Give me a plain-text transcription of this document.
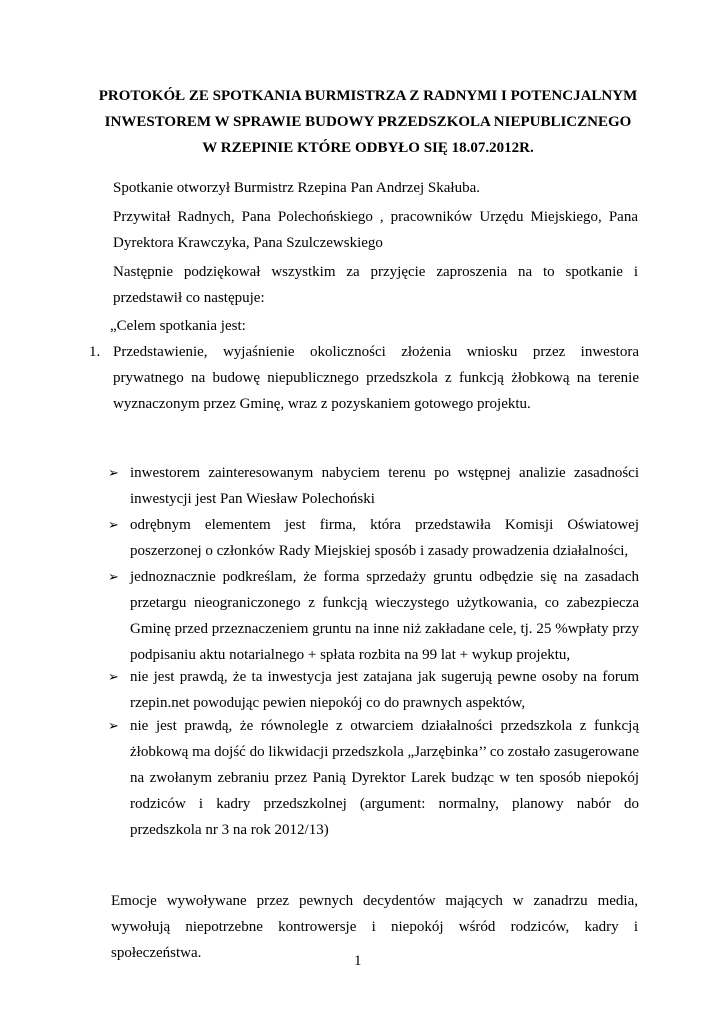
PROTOKÓŁ ZE SPOTKANIA BURMISTRZA Z RADNYMI I POTENCJALNYM
INWESTOREM W SPRAWIE BUDOWY PRZEDSZKOLA NIEPUBLICZNEGO
W RZEPINIE KTÓRE ODBYŁO SIĘ 18.07.2012R.
Spotkanie otworzył Burmistrz Rzepina Pan Andrzej Skałuba.
Przywitał Radnych, Pana Polechońskiego , pracowników Urzędu Miejskiego, Pana Dyrektora Krawczyka, Pana Szulczewskiego
Następnie podziękował wszystkim za przyjęcie zaproszenia na to spotkanie i przedstawił co następuje:
„Celem spotkania jest:
1. Przedstawienie, wyjaśnienie okoliczności złożenia wniosku przez inwestora prywatnego na budowę niepublicznego przedszkola z funkcją żłobkową na terenie wyznaczonym przez Gminę, wraz z pozyskaniem gotowego projektu.
➢ inwestorem zainteresowanym nabyciem terenu po wstępnej analizie zasadności inwestycji jest Pan Wiesław Polechoński
➢ odrębnym elementem jest firma, która przedstawiła Komisji Oświatowej poszerzonej o członków Rady Miejskiej sposób i zasady prowadzenia działalności,
➢ jednoznacznie podkreślam, że forma sprzedaży gruntu odbędzie się na zasadach przetargu nieograniczonego z funkcją wieczystego użytkowania, co zabezpiecza Gminę przed przeznaczeniem gruntu na inne niż zakładane cele, tj. 25 %wpłaty przy podpisaniu aktu notarialnego + spłata rozbita na 99 lat + wykup projektu,
➢ nie jest prawdą, że ta inwestycja jest zatajana jak sugerują pewne osoby na forum rzepin.net powodując pewien niepokój co do prawnych aspektów,
➢ nie jest prawdą, że równolegle z otwarciem działalności przedszkola z funkcją żłobkową ma dojść do likwidacji przedszkola „Jarzębinka’’ co zostało zasugerowane na zwołanym zebraniu przez Panią Dyrektor Larek budząc w ten sposób niepokój rodziców i kadry przedszkolnej (argument: normalny, planowy nabór do przedszkola nr 3 na rok 2012/13)
Emocje wywoływane przez pewnych decydentów mających w zanadrzu media, wywołują niepotrzebne kontrowersje i niepokój wśród rodziców, kadry i społeczeństwa.	1
